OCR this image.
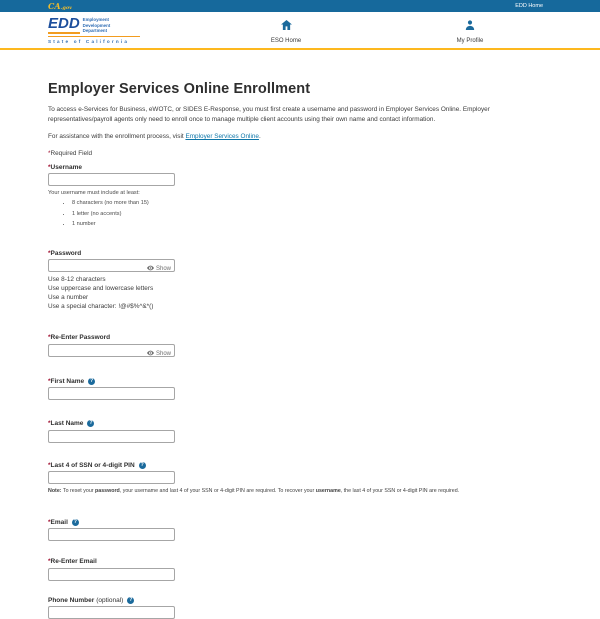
CA.gov	EDD Home
EDD Employment
Development
Department
State of California	ESO Home	My Profile
Employer Services Online Enrollment

To access e-Services for Business, eWOTC, or SIDES E-Response, you must first create a username and password in Employer Services Online. Employer representatives/payroll agents only need to enroll once to manage multiple client accounts using their own name and contact information.

For assistance with the enrollment process, visit Employer Services Online.

*Required Field

* Username
Your username must include at least:
• 8 characters (no more than 15)
• 1 letter (no accents)
• 1 number
* Password
Show
Use 8-12 characters
Use uppercase and lowercase letters
Use a number
Use a special character: !@#$%^&*()
* Re-Enter Password
Show
* First Name	?
* Last Name	?
* Last 4 of SSN or 4-digit PIN	?

Note: To reset your password, your username and last 4 of your SSN or 4-digit PIN are required. To recover your username, the last 4 of your SSN or 4-digit PIN are required.

* Email	?
* Re-Enter Email
Phone Number (optional)	?
